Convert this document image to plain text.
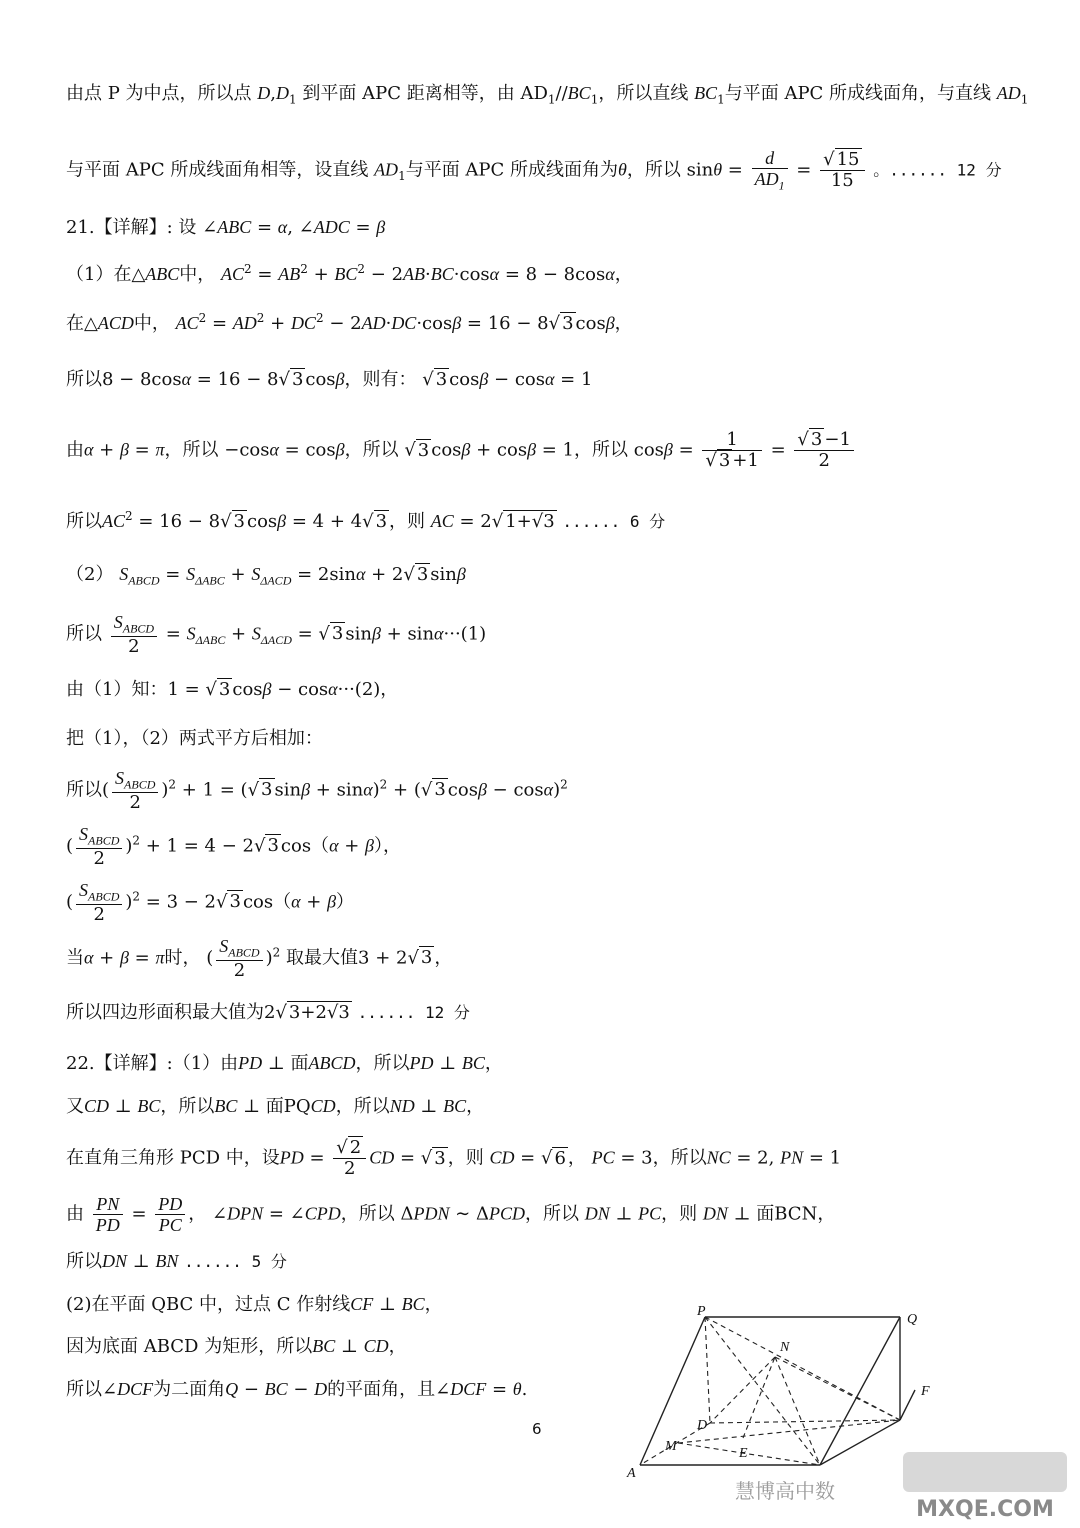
由点 P 为中点，所以点 $D,D_1$ 到平面 APC 距离相等，由 $AD_1//BC_1$，所以直线 $BC_1$与平面 APC 所成线面角，与直线 $AD_1$
与平面 APC 所成线面角相等，设直线 $AD_1$与平面 APC 所成线面角为θ，所以 $\sin\theta = \frac{d}{AD_1} = \frac{√ 15}{15}$ 。...... 12 分
21.【详解】: 设 ∠ABC = α, ∠ADC = β
（1）在△ABC中， $AC^2 = AB^2 + BC^2 - 2AB\cdot BC\cdot\cos\alpha = 8 - 8\cos\alpha$，
在△ACD中， $AC^2 = AD^2 + DC^2 - 2AD\cdot DC\cdot\cos\beta = 16 - 8√$ 3 cosβ，
所以8 − 8cosα = 16 − 8√ 3 cosβ，则有： √ 3 cosβ − cosα = 1
由α + β = π，所以 −cosα = cosβ，所以 √ 3 cosβ + cosβ = 1，所以 $\cos\beta = \frac{1}{√ 3 +1} = \frac{√ 3 -1}{2}$
所以$AC^2 = 16 - 8√$ 3 cosβ = 4 + 4√ 3 ，则 AC = 2√ 1+√3 ...... 6 分
（2） $S_{ABCD} = S_{\Delta ABC} + S_{\Delta ACD} = 2\sin\alpha + 2√$ 3 sinβ
所以 $\frac{S_{ABCD}}{2} = S_{\Delta ABC} + S_{\Delta ACD}$ = √ 3 sinβ + sinα···(1)
由（1）知：1 = √ 3 cosβ − cosα···(2)，
把（1），（2）两式平方后相加：
所以( $\frac{S_{ABCD}}{2} )^2 + 1$ = (√ 3 sinβ + sinα)$^2$ + (√ 3 cosβ − cosα)$^2$
( $\frac{S_{ABCD}}{2} )^2 + 1 = 4 - 2√$ 3 cos（α + β），
( $\frac{S_{ABCD}}{2} )^2 = 3 - 2√$ 3 cos（α + β）
当α + β = π时， ( $\frac{S_{ABCD}}{2} )^2$ 取最大值3 + 2√ 3 ，
所以四边形面积最大值为2√ 3+2√3 ...... 12 分
22.【详解】:（1）由PD ⊥ 面ABCD，所以PD ⊥ BC，
又CD ⊥ BC，所以BC ⊥ 面PQCD，所以ND ⊥ BC，
在直角三角形 PCD 中，设PD = $\frac{√ 2}{2}$ CD = √ 3 ，则 CD = √ 6 ， PC = 3，所以NC = 2, PN = 1
由 $\frac{PN}{PD} = \frac{PD}{PC}$ ， ∠DPN = ∠CPD，所以 ΔPDN ∼ ΔPCD，所以 DN ⊥ PC，则 DN ⊥ 面BCN，
所以DN ⊥ BN ...... 5 分
(2)在平面 QBC 中，过点 C 作射线CF ⊥ BC，
因为底面 ABCD 为矩形，所以BC ⊥ CD，
所以∠DCF为二面角Q − BC − D的平面角，且∠DCF = θ.
6
P
Q
N
F
D
M	E
A
慧博高中数
MXQE.COM
